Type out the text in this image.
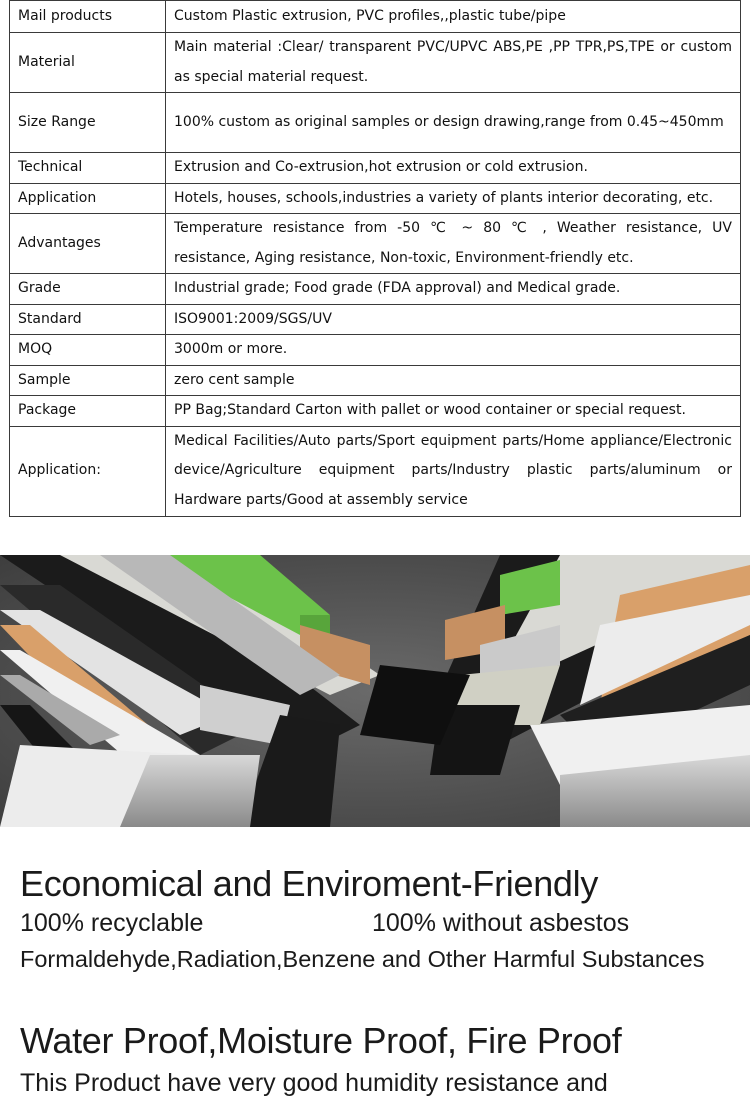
Mail products	Custom Plastic extrusion, PVC profiles,,plastic tube/pipe
Material	Main material :Clear/ transparent PVC/UPVC ABS,PE ,PP TPR,PS,TPE or custom as special material request.
Size Range	100% custom as original samples or design drawing,range from 0.45~450mm
Technical	Extrusion and Co-extrusion,hot extrusion or cold extrusion.
Application	Hotels, houses, schools,industries a variety of plants interior decorating, etc.
Advantages	Temperature resistance from -50 ℃ ~ 80 ℃ , Weather resistance, UV resistance, Aging resistance, Non-toxic, Environment-friendly etc.
Grade	Industrial grade; Food grade (FDA approval) and Medical grade.
Standard	ISO9001:2009/SGS/UV
MOQ	3000m or more.
Sample	zero cent sample
Package	PP Bag;Standard Carton with pallet or wood container or special request.
Application:	Medical Facilities/Auto parts/Sport equipment parts/Home appliance/Electronic device/Agriculture equipment parts/Industry plastic parts/aluminum or Hardware parts/Good at assembly service
Economical and Enviroment-Friendly
100% recyclable	100% without asbestos
Formaldehyde,Radiation,Benzene and Other Harmful Substances
Water Proof,Moisture Proof, Fire Proof
This Product have very good humidity resistance and
